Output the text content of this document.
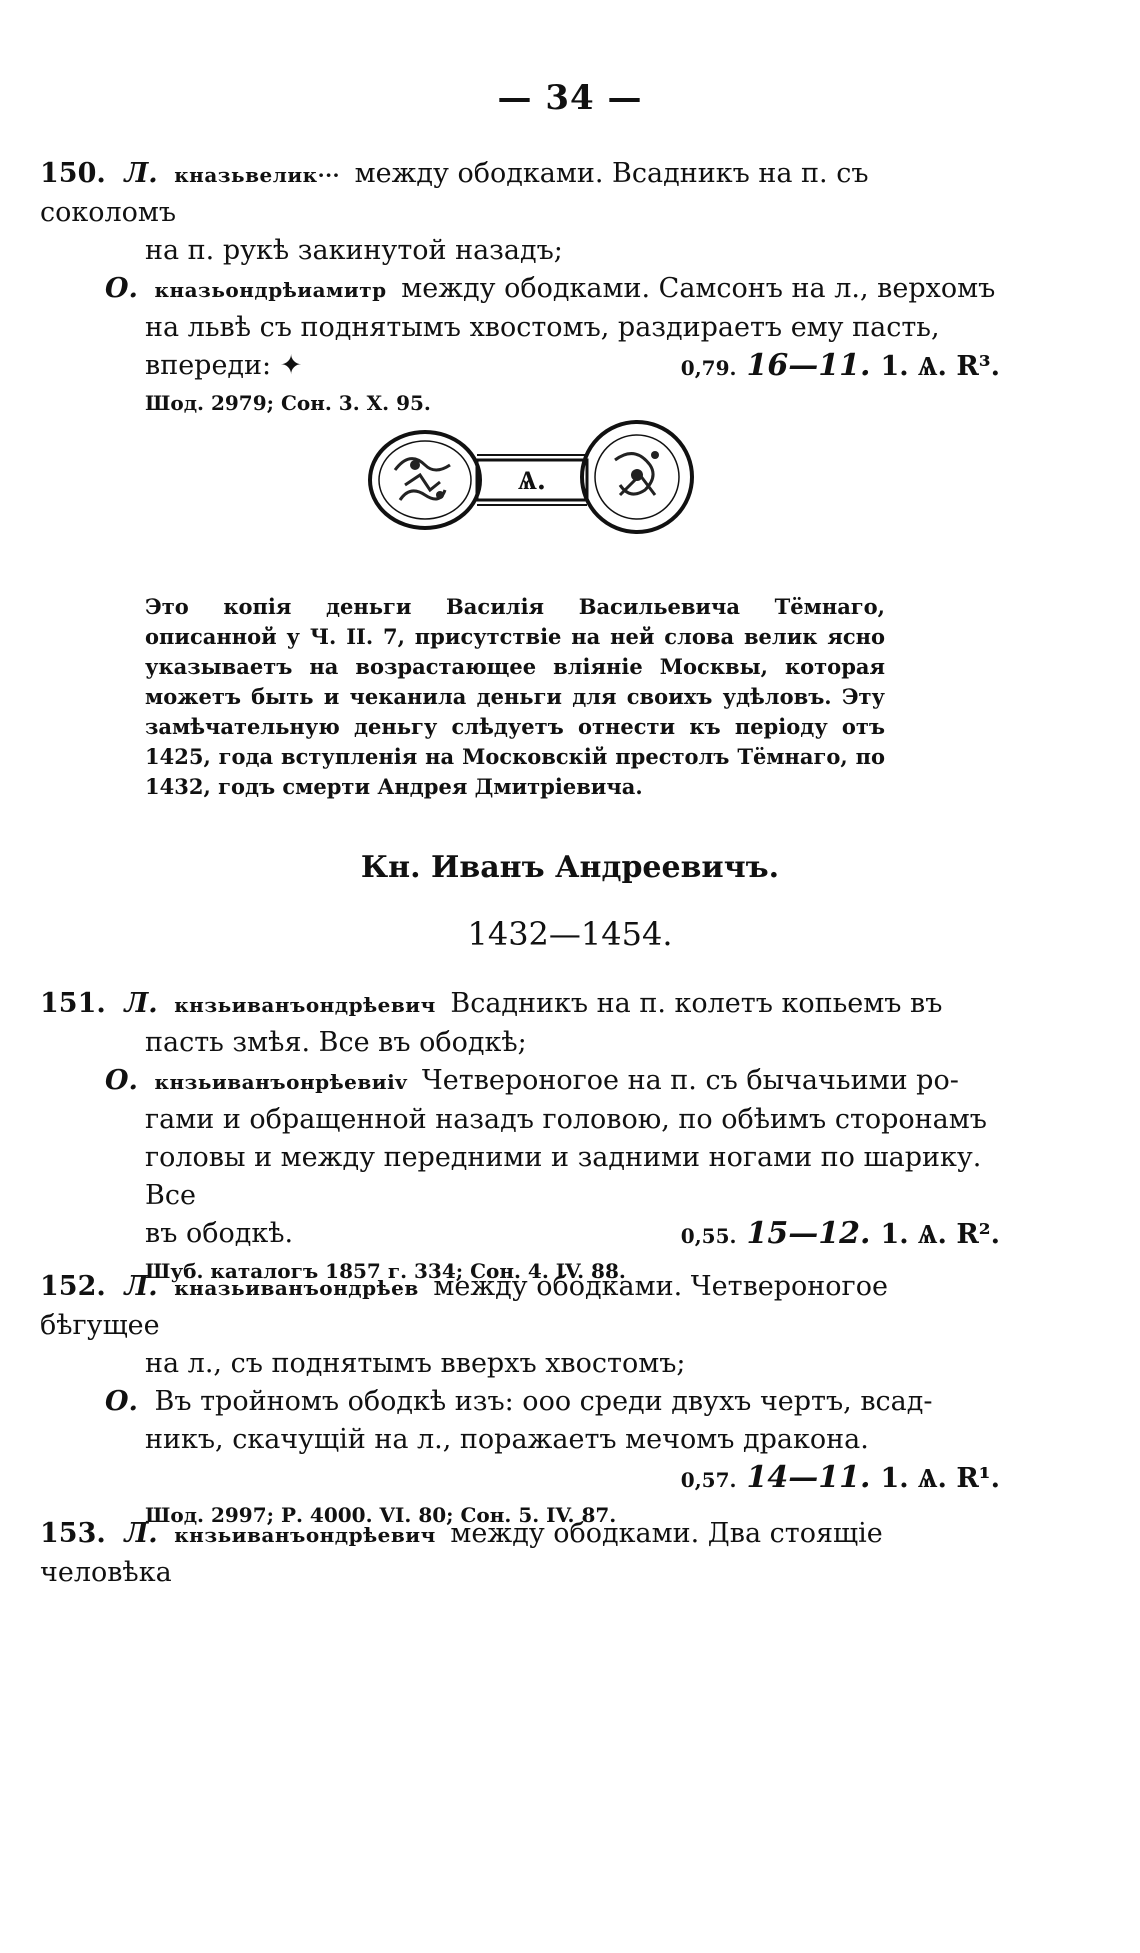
— 34 —
150. Л. кназьвелик··· между ободками. Всадникъ на п. съ соколомъ
на п. рукѣ закинутой назадъ;
О. кназьондрѣиамитр между ободками. Самсонъ на л., верхомъ
на львѣ съ поднятымъ хвостомъ, раздираетъ ему пасть,
впереди: ✦	0,79. 16—11. 1. Ѧ. R³.
Шод. 2979; Сон. 3. X. 95.
Ѧ.
Это копія деньги Василія Васильевича Тёмнаго, описанной у Ч. II. 7, присутствіе на ней слова велик ясно указываетъ на возрастающее вліяніе Москвы, которая можетъ быть и чеканила деньги для своихъ удѣловъ. Эту замѣчательную деньгу слѣдуетъ отнести къ періоду отъ 1425, года вступленія на Московскій престолъ Тёмнаго, по 1432, годъ смерти Андрея Дмитріевича.
Кн. Иванъ Андреевичъ.
1432—1454.
151. Л. кнзьиванъондрѣевич Всадникъ на п. колетъ копьемъ въ
пасть змѣя. Все въ ободкѣ;
О. кнзьиванъонрѣевиіv Четвероногое на п. съ бычачьими ро-
гами и обращенной назадъ головою, по обѣимъ сторонамъ
головы и между передними и задними ногами по шарику. Все
въ ободкѣ.	0,55. 15—12. 1. Ѧ. R².
Шуб. каталогъ 1857 г. 334; Сон. 4. IV. 88.
152. Л. кназьиванъондрѣев между ободками. Четвероногое бѣгущее
на л., съ поднятымъ вверхъ хвостомъ;
О. Въ тройномъ ободкѣ изъ: ооо среди двухъ чертъ, всад-
никъ, скачущій на л., поражаетъ мечомъ дракона.
0,57. 14—11. 1. Ѧ. R¹.
Шод. 2997; Р. 4000. VI. 80; Сон. 5. IV. 87.
153. Л. кнзьиванъондрѣевич между ободками. Два стоящіе человѣка
